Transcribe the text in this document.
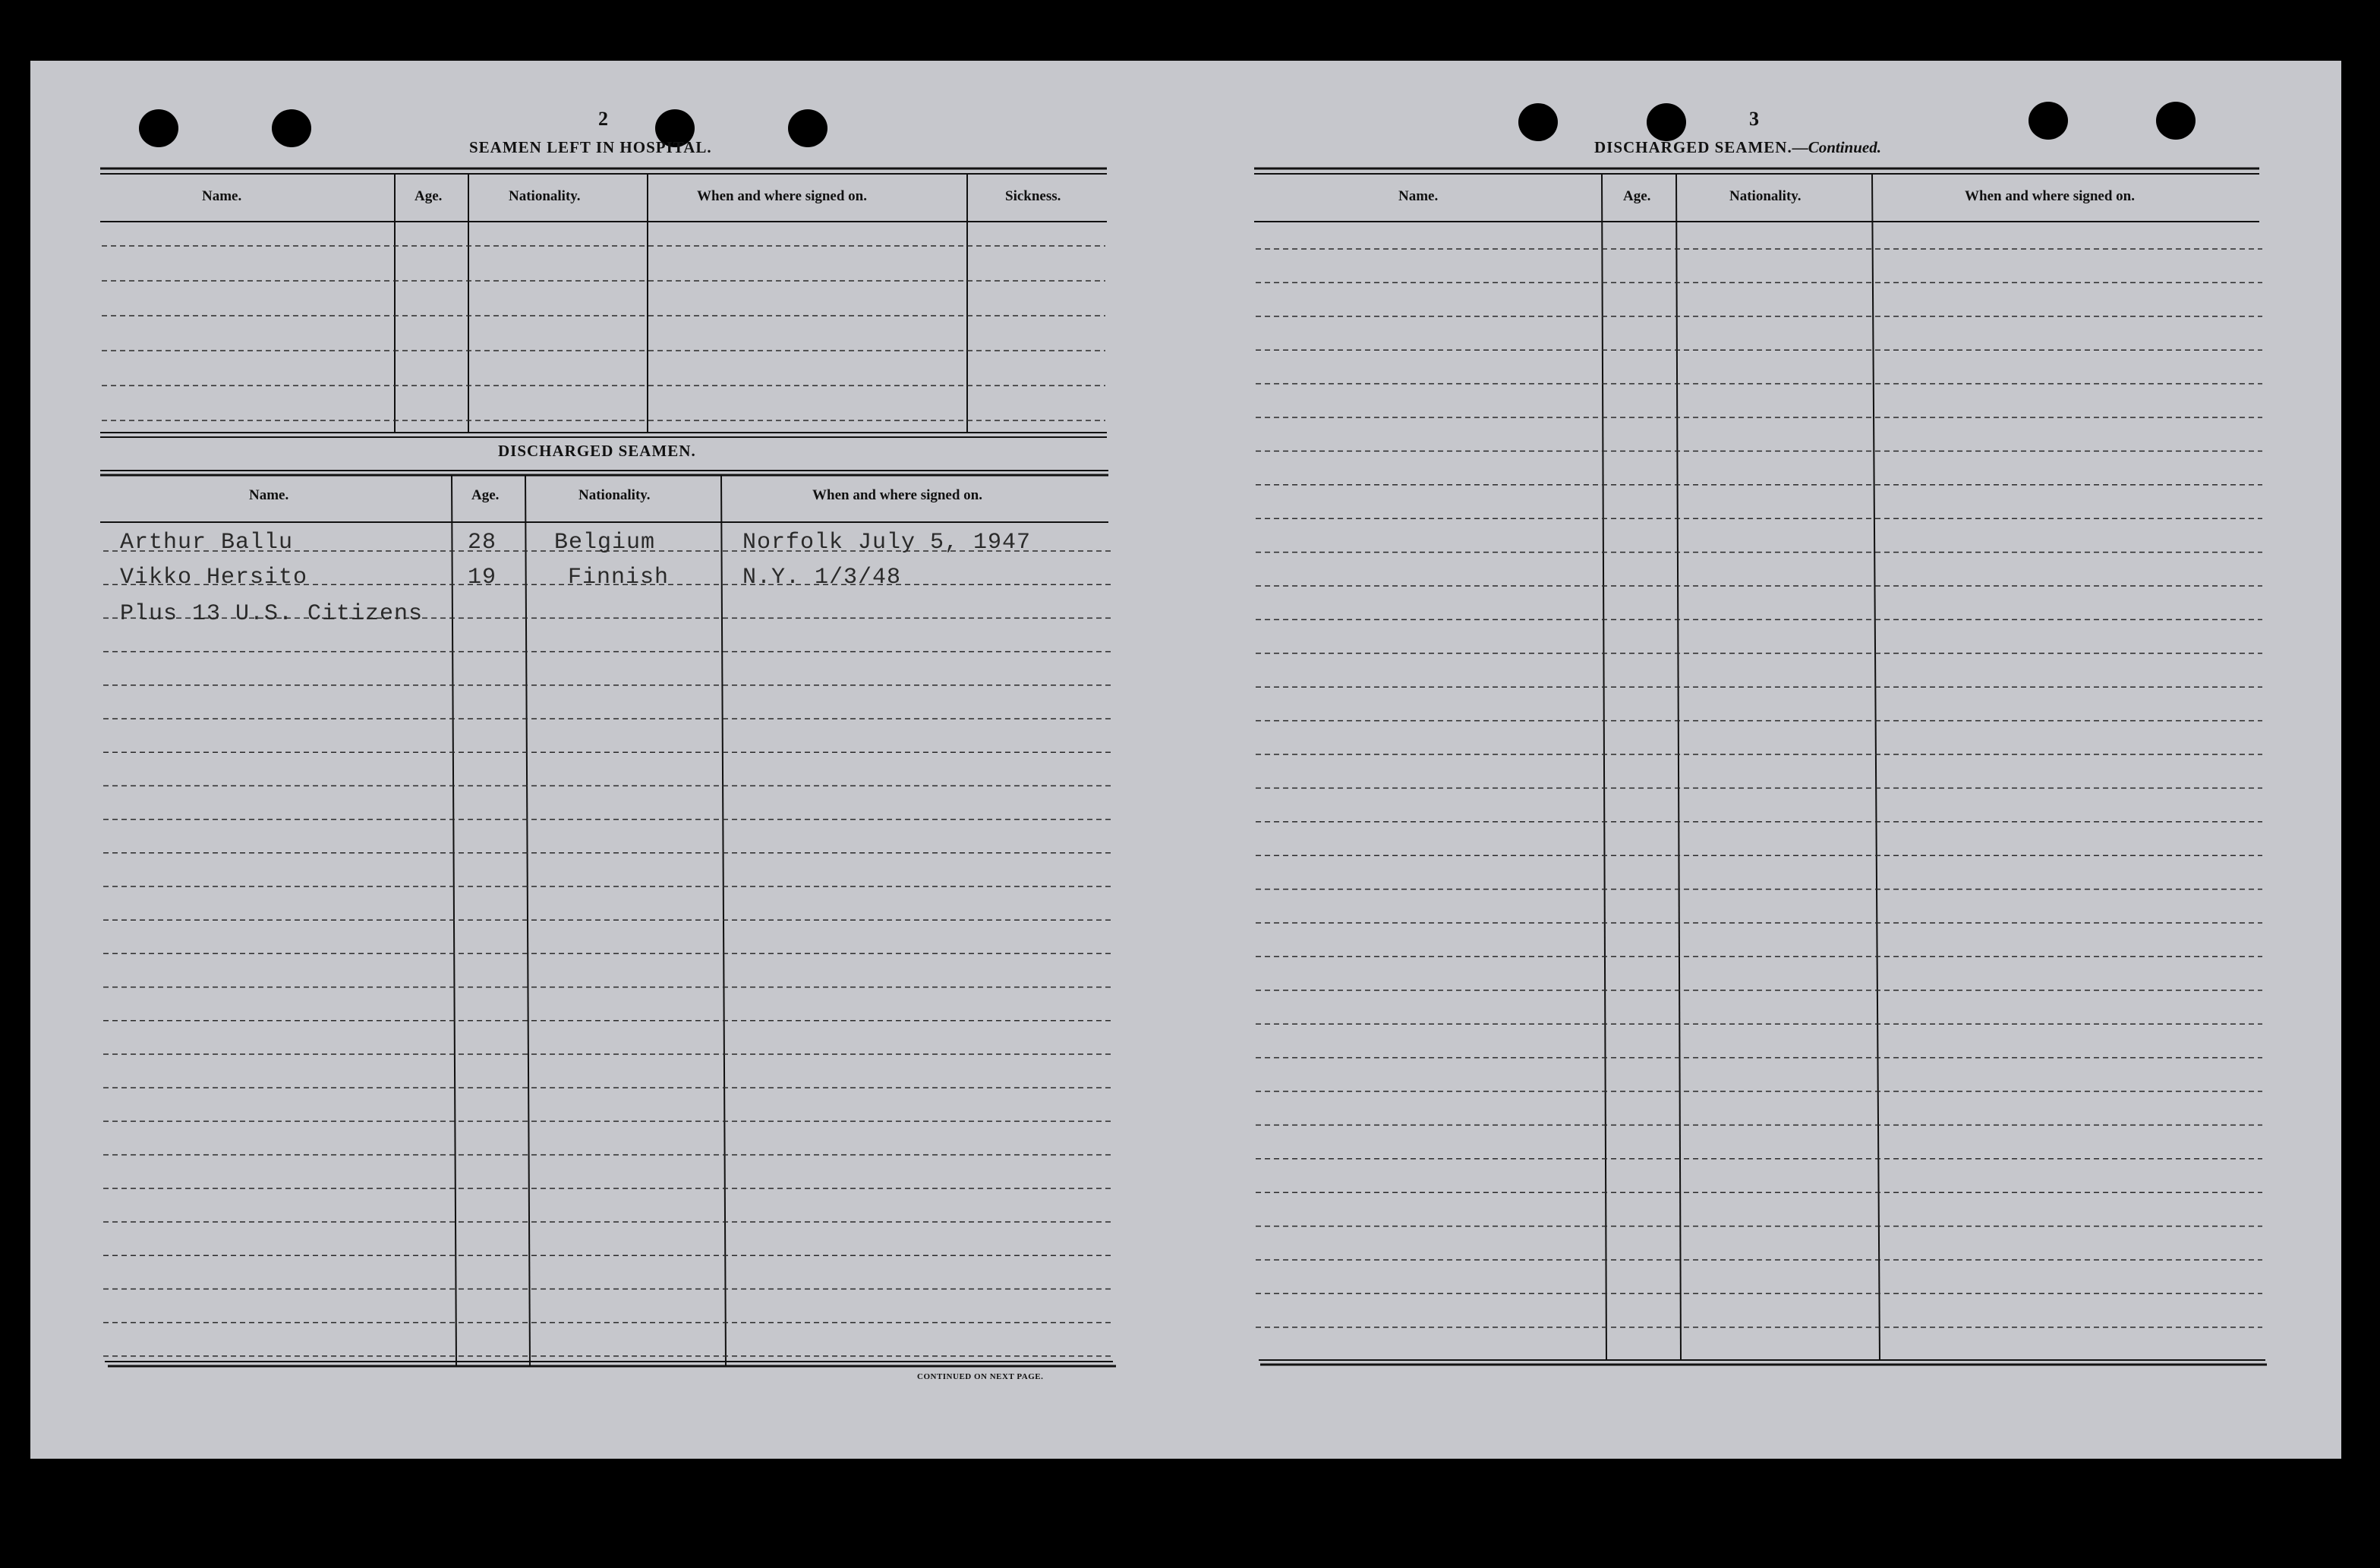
2
SEAMEN LEFT IN HOSPITAL.
Name.	Age.	Nationality.	When and where signed on.	Sickness.
DISCHARGED SEAMEN.
Name.	Age.	Nationality.	When and where signed on.
Arthur Ballu	28	Belgium	Norfolk July 5, 1947
Vikko Hersito	19	Finnish	N.Y. 1/3/48
Plus 13 U.S. Citizens
CONTINUED ON NEXT PAGE.
3
DISCHARGED SEAMEN.—Continued.
Name.	Age.	Nationality.	When and where signed on.
